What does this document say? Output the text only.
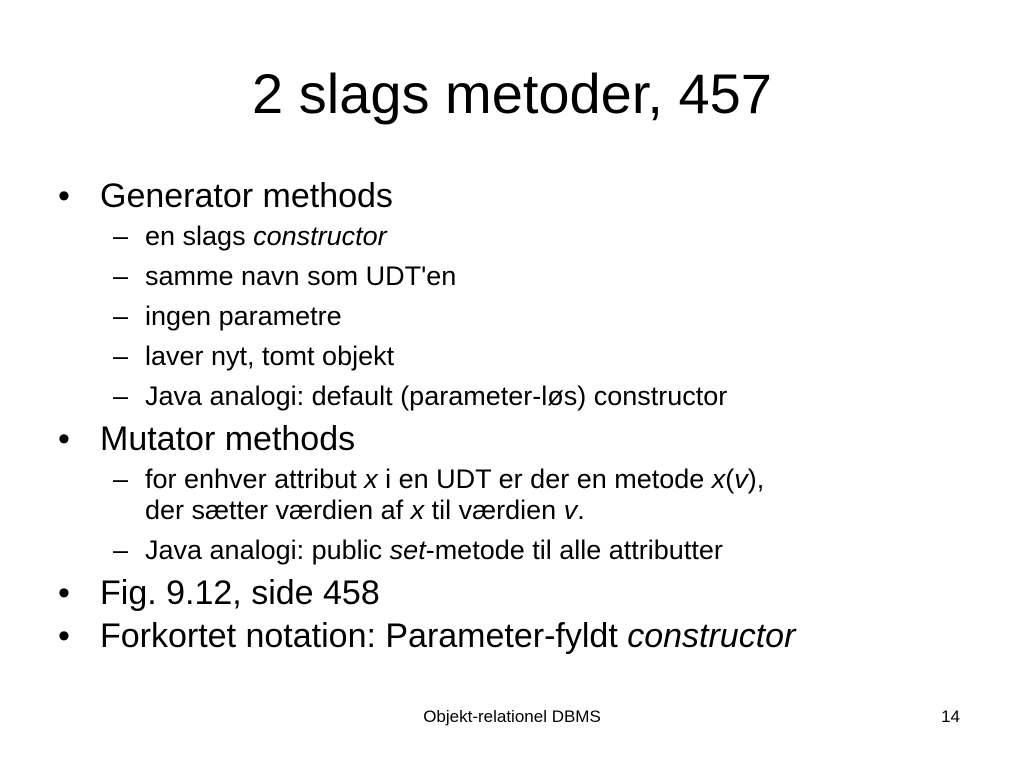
2 slags metoder, 457
• Generator methods
– en slags constructor
– samme navn som UDT'en
– ingen parametre
– laver nyt, tomt objekt
– Java analogi: default (parameter-løs) constructor
• Mutator methods
– for enhver attribut x i en UDT er der en metode x(v),
der sætter værdien af x til værdien v.
– Java analogi: public set-metode til alle attributter
• Fig. 9.12, side 458
• Forkortet notation: Parameter-fyldt constructor
Objekt-relationel DBMS	14
